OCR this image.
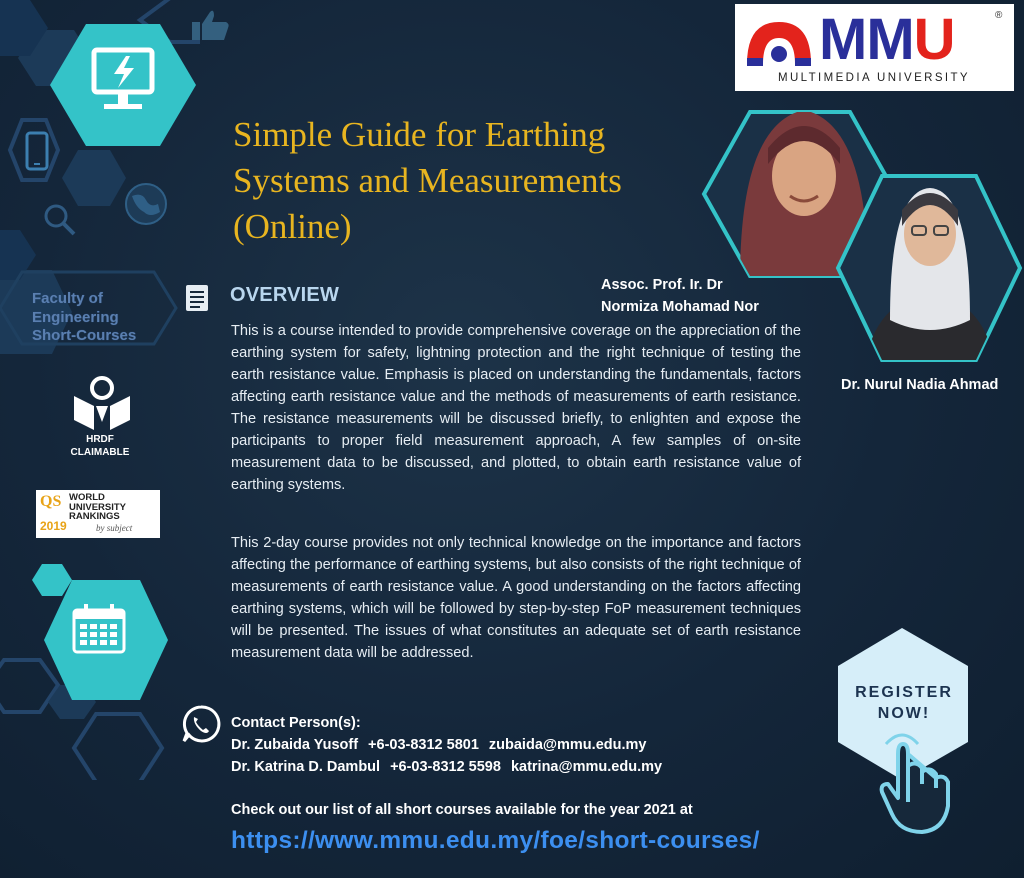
Faculty of
Engineering
Short-Courses
HRDF
CLAIMABLE
QS
2019
WORLD
UNIVERSITY
RANKINGS
by subject
Simple Guide for Earthing Systems and Measurements (Online)
MMU	®
MULTIMEDIA UNIVERSITY
Assoc. Prof. Ir. Dr
Normiza Mohamad Nor
Dr. Nurul Nadia Ahmad
OVERVIEW

This is a course intended to provide comprehensive coverage on the appreciation of the earthing system for safety, lightning protection and the right technique of testing the earth resistance value. Emphasis is placed on understanding the fundamentals, factors affecting earth resistance value and the methods of measurements of earth resistance. The resistance measurements will be discussed briefly, to enlighten and expose the participants to proper field measurement approach, A few samples of on-site measurement data to be discussed, and plotted, to obtain earth resistance value of earthing systems.

This 2-day course provides not only technical knowledge on the importance and factors affecting the performance of earthing systems, but also consists of the right technique of measurements of earth resistance value. A good understanding on the factors affecting earthing systems, which will be followed by step-by-step FoP measurement techniques will be presented. The issues of what constitutes an adequate set of earth resistance measurement data will be addressed.

Contact Person(s):
Dr. Zubaida Yusoff +6-03-8312 5801 zubaida@mmu.edu.my
Dr. Katrina D. Dambul +6-03-8312 5598 katrina@mmu.edu.my
Check out our list of all short courses available for the year 2021 at
https://www.mmu.edu.my/foe/short-courses/
REGISTER
NOW!
